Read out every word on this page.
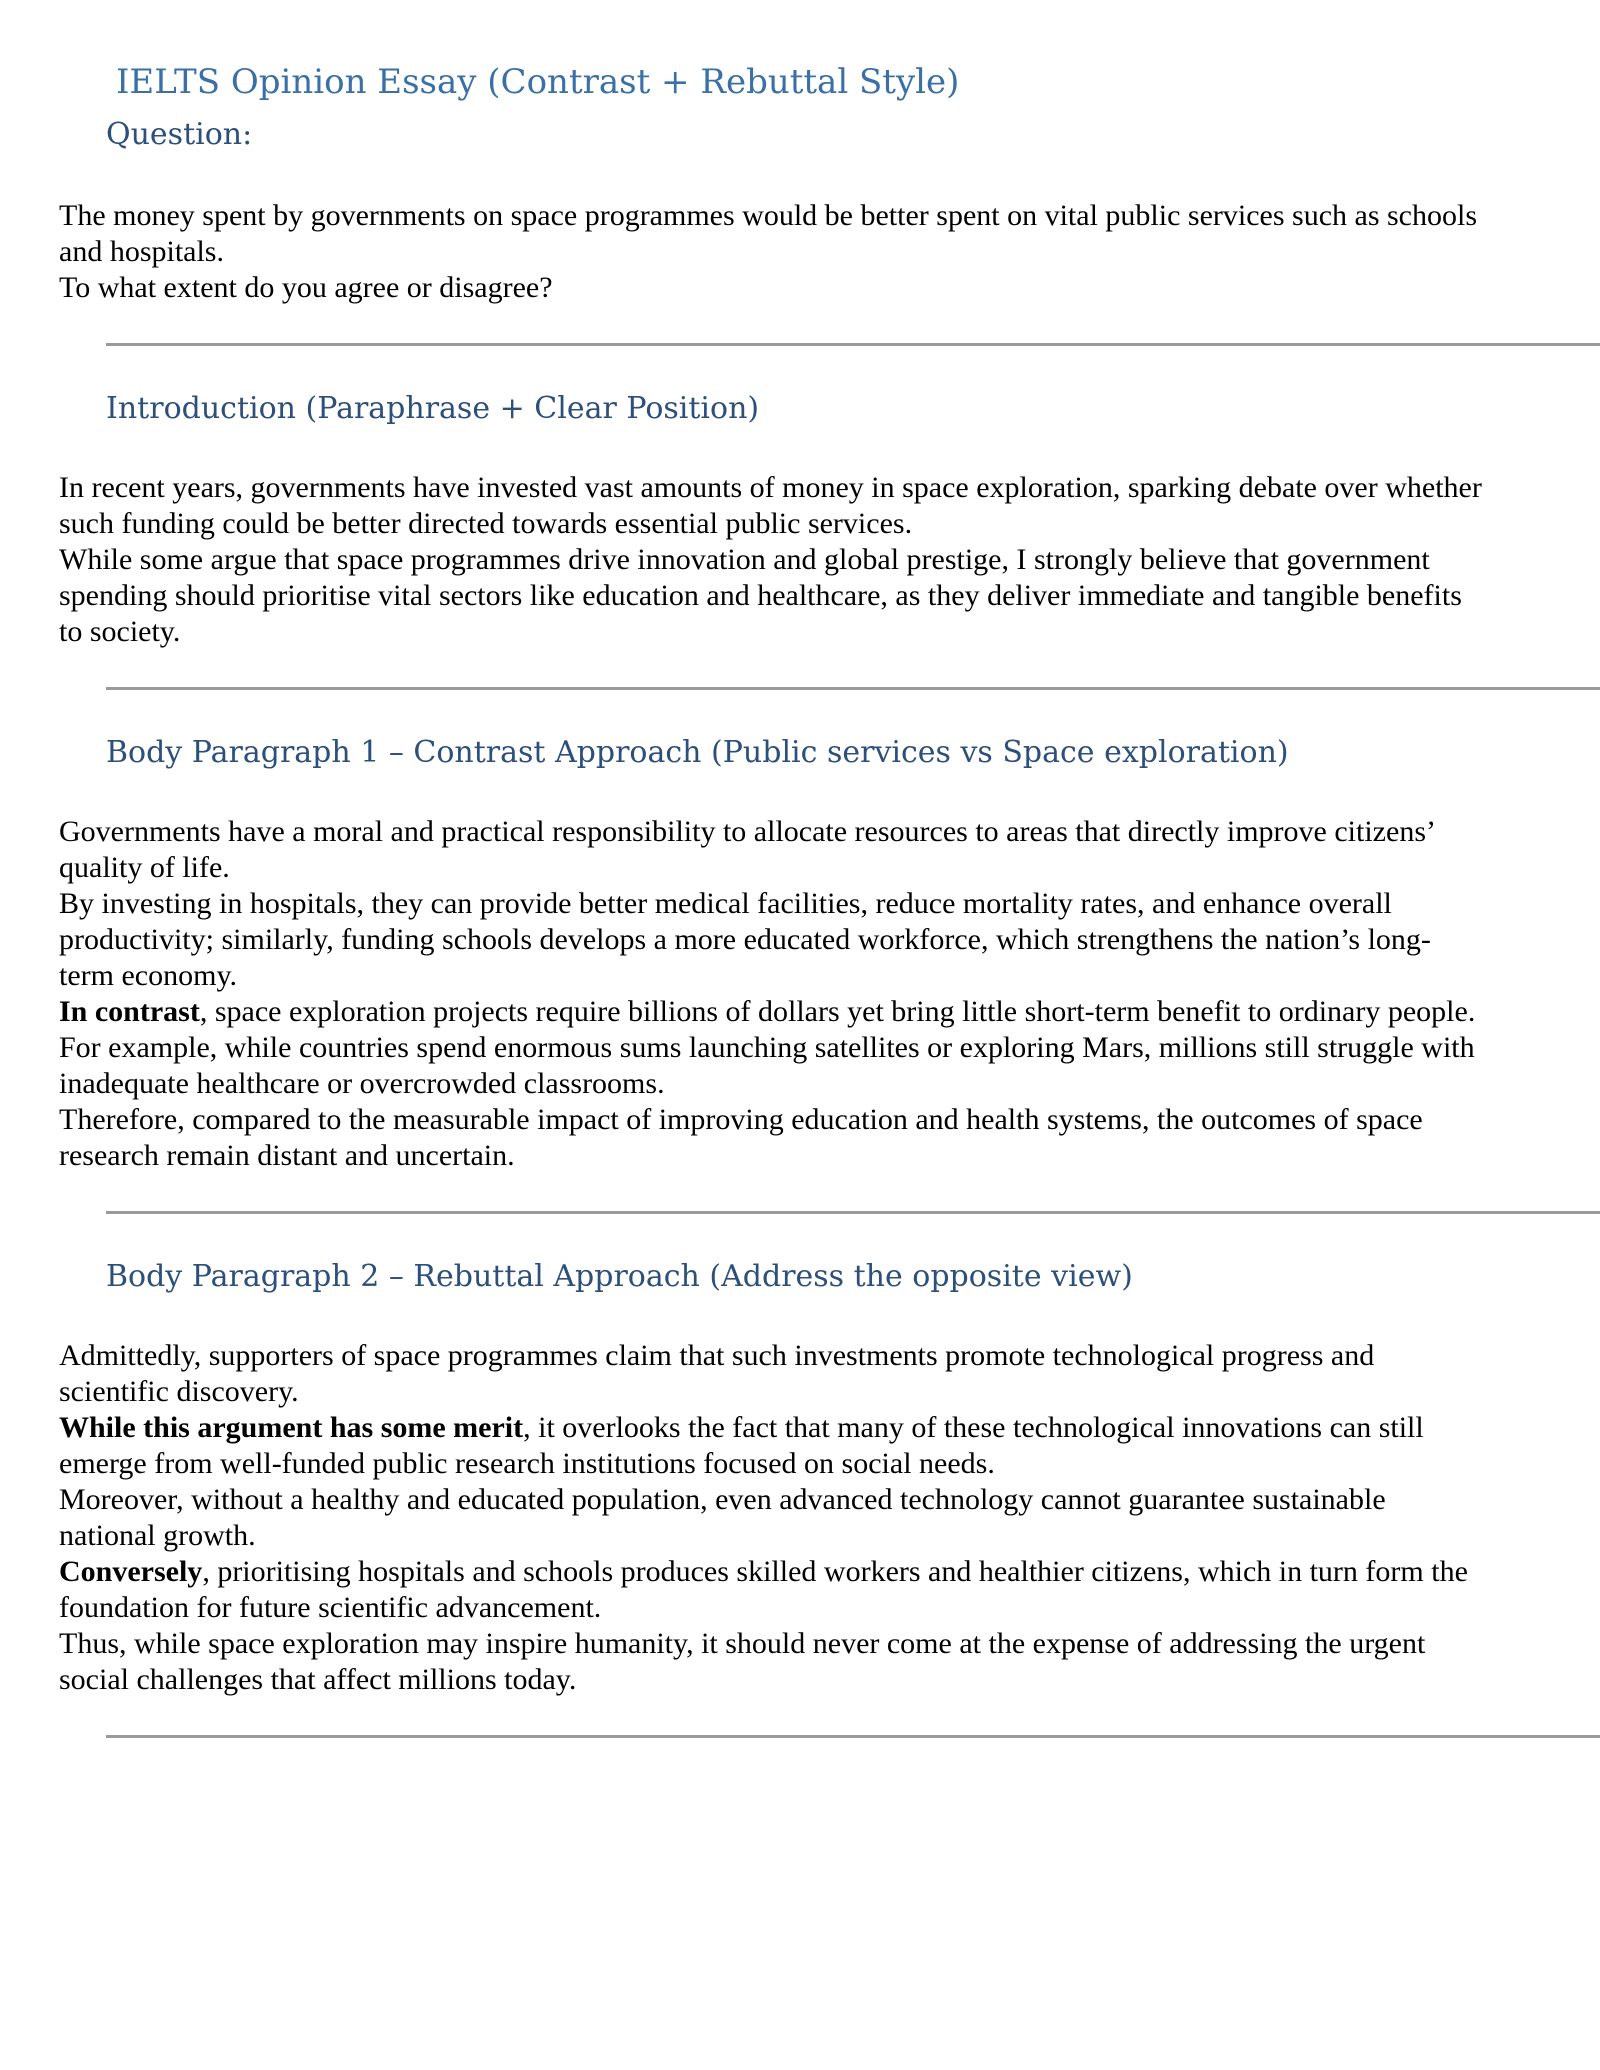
IELTS Opinion Essay (Contrast + Rebuttal Style)
Question:
The money spent by governments on space programmes would be better spent on vital public services such as schools
and hospitals.
To what extent do you agree or disagree?
Introduction (Paraphrase + Clear Position)
In recent years, governments have invested vast amounts of money in space exploration, sparking debate over whether
such funding could be better directed towards essential public services.
While some argue that space programmes drive innovation and global prestige, I strongly believe that government
spending should prioritise vital sectors like education and healthcare, as they deliver immediate and tangible benefits
to society.
Body Paragraph 1 – Contrast Approach (Public services vs Space exploration)
Governments have a moral and practical responsibility to allocate resources to areas that directly improve citizens’
quality of life.
By investing in hospitals, they can provide better medical facilities, reduce mortality rates, and enhance overall
productivity; similarly, funding schools develops a more educated workforce, which strengthens the nation’s long-
term economy.
In contrast, space exploration projects require billions of dollars yet bring little short-term benefit to ordinary people.
For example, while countries spend enormous sums launching satellites or exploring Mars, millions still struggle with
inadequate healthcare or overcrowded classrooms.
Therefore, compared to the measurable impact of improving education and health systems, the outcomes of space
research remain distant and uncertain.
Body Paragraph 2 – Rebuttal Approach (Address the opposite view)
Admittedly, supporters of space programmes claim that such investments promote technological progress and
scientific discovery.
While this argument has some merit, it overlooks the fact that many of these technological innovations can still
emerge from well-funded public research institutions focused on social needs.
Moreover, without a healthy and educated population, even advanced technology cannot guarantee sustainable
national growth.
Conversely, prioritising hospitals and schools produces skilled workers and healthier citizens, which in turn form the
foundation for future scientific advancement.
Thus, while space exploration may inspire humanity, it should never come at the expense of addressing the urgent
social challenges that affect millions today.
